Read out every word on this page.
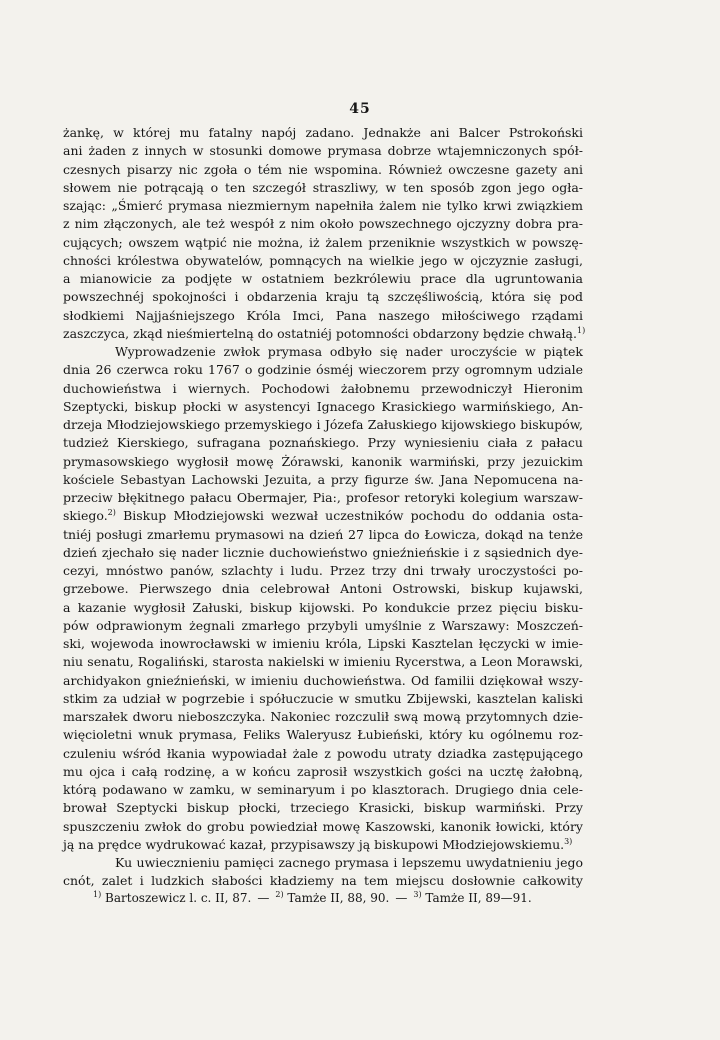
45
żankę, w której mu fatalny napój zadano. Jednakże ani Balcer Pstrokoński
ani żaden z innych w stosunki domowe prymasa dobrze wtajemniczonych spół-
czesnych pisarzy nic zgoła o tém nie wspomina. Również owczesne gazety ani
słowem nie potrącają o ten szczegół straszliwy, w ten sposób zgon jego ogła-
szając: „Śmierć prymasa niezmiernym napełniła żalem nie tylko krwi związkiem
z nim złączonych, ale też wespół z nim około powszechnego ojczyzny dobra pra-
cujących; owszem wątpić nie można, iż żalem przeniknie wszystkich w powszę-
chności królestwa obywatelów, pomnących na wielkie jego w ojczyznie zasługi,
a mianowicie za podjęte w ostatniem bezkrólewiu prace dla ugruntowania
powszechnéj spokojności i obdarzenia kraju tą szczęśliwością, która się pod
słodkiemi Najjaśniejszego Króla Imci, Pana naszego miłościwego rządami
zaszczyca, zkąd nieśmiertelną do ostatniéj potomności obdarzony będzie chwałą.$^{1)}$
Wyprowadzenie zwłok prymasa odbyło się nader uroczyście w piątek
dnia 26 czerwca roku 1767 o godzinie ósméj wieczorem przy ogromnym udziale
duchowieństwa i wiernych. Pochodowi żałobnemu przewodniczył Hieronim
Szeptycki, biskup płocki w asystencyi Ignacego Krasickiego warmińskiego, An-
drzeja Młodziejowskiego przemyskiego i Józefa Załuskiego kijowskiego biskupów,
tudzież Kierskiego, sufragana poznańskiego. Przy wyniesieniu ciała z pałacu
prymasowskiego wygłosił mowę Żórawski, kanonik warmiński, przy jezuickim
kościele Sebastyan Lachowski Jezuita, a przy figurze św. Jana Nepomucena na-
przeciw błękitnego pałacu Obermajer, Pia:, profesor retoryki kolegium warszaw-
skiego.$^{2)}$ Biskup Młodziejowski wezwał uczestników pochodu do oddania osta-
tniéj posługi zmarłemu prymasowi na dzień 27 lipca do Łowicza, dokąd na tenże
dzień zjechało się nader licznie duchowieństwo gnieźnieńskie i z sąsiednich dye-
cezyi, mnóstwo panów, szlachty i ludu. Przez trzy dni trwały uroczystości po-
grzebowe. Pierwszego dnia celebrował Antoni Ostrowski, biskup kujawski,
a kazanie wygłosił Załuski, biskup kijowski. Po kondukcie przez pięciu bisku-
pów odprawionym żegnali zmarłego przybyli umyślnie z Warszawy: Moszczeń-
ski, wojewoda inowrocławski w imieniu króla, Lipski Kasztelan łęczycki w imie-
niu senatu, Rogaliński, starosta nakielski w imieniu Rycerstwa, a Leon Morawski,
archidyakon gnieźnieński, w imieniu duchowieństwa. Od familii dziękował wszy-
stkim za udział w pogrzebie i spółuczucie w smutku Zbijewski, kasztelan kaliski
marszałek dworu nieboszczyka. Nakoniec rozczulił swą mową przytomnych dzie-
więcioletni wnuk prymasa, Feliks Waleryusz Łubieński, który ku ogólnemu roz-
czuleniu wśród łkania wypowiadał żale z powodu utraty dziadka zastępującego
mu ojca i całą rodzinę, a w końcu zaprosił wszystkich gości na ucztę żałobną,
którą podawano w zamku, w seminaryum i po klasztorach. Drugiego dnia cele-
brował Szeptycki biskup płocki, trzeciego Krasicki, biskup warmiński. Przy
spuszczeniu zwłok do grobu powiedział mowę Kaszowski, kanonik łowicki, który
ją na prędce wydrukować kazał, przypisawszy ją biskupowi Młodziejowskiemu.$^{3)}$
Ku uwiecznieniu pamięci zacnego prymasa i lepszemu uwydatnieniu jego
cnót, zalet i ludzkich słabości kładziemy na tem miejscu dosłownie całkowity
$^{1)}$ Bartoszewicz l. c. II, 87. — $^{2)}$ Tamże II, 88, 90. — $^{3)}$ Tamże II, 89—91.
